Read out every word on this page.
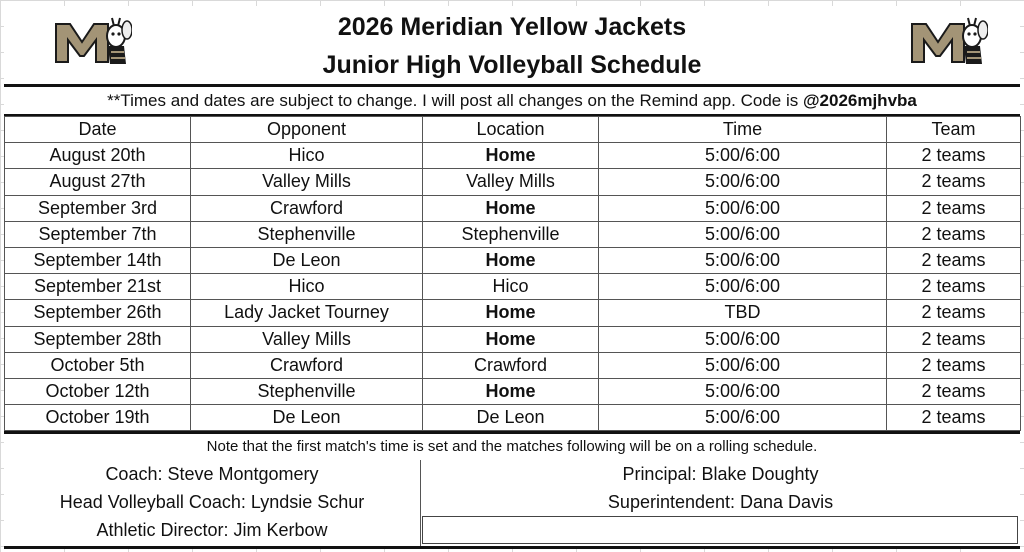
2026 Meridian Yellow Jackets
Junior High Volleyball Schedule
**Times and dates are subject to change. I will post all changes on the Remind app. Code is @2026mjhvba
Date	Opponent	Location	Time	Team
August 20th	Hico	Home	5:00/6:00	2 teams
August 27th	Valley Mills	Valley Mills	5:00/6:00	2 teams
September 3rd	Crawford	Home	5:00/6:00	2 teams
September 7th	Stephenville	Stephenville	5:00/6:00	2 teams
September 14th	De Leon	Home	5:00/6:00	2 teams
September 21st	Hico	Hico	5:00/6:00	2 teams
September 26th	Lady Jacket Tourney	Home	TBD	2 teams
September 28th	Valley Mills	Home	5:00/6:00	2 teams
October 5th	Crawford	Crawford	5:00/6:00	2 teams
October 12th	Stephenville	Home	5:00/6:00	2 teams
October 19th	De Leon	De Leon	5:00/6:00	2 teams
Note that the first match's time is set and the matches following will be on a rolling schedule.
Coach: Steve Montgomery
Head Volleyball Coach: Lyndsie Schur
Athletic Director: Jim Kerbow
Principal: Blake Doughty
Superintendent: Dana Davis
